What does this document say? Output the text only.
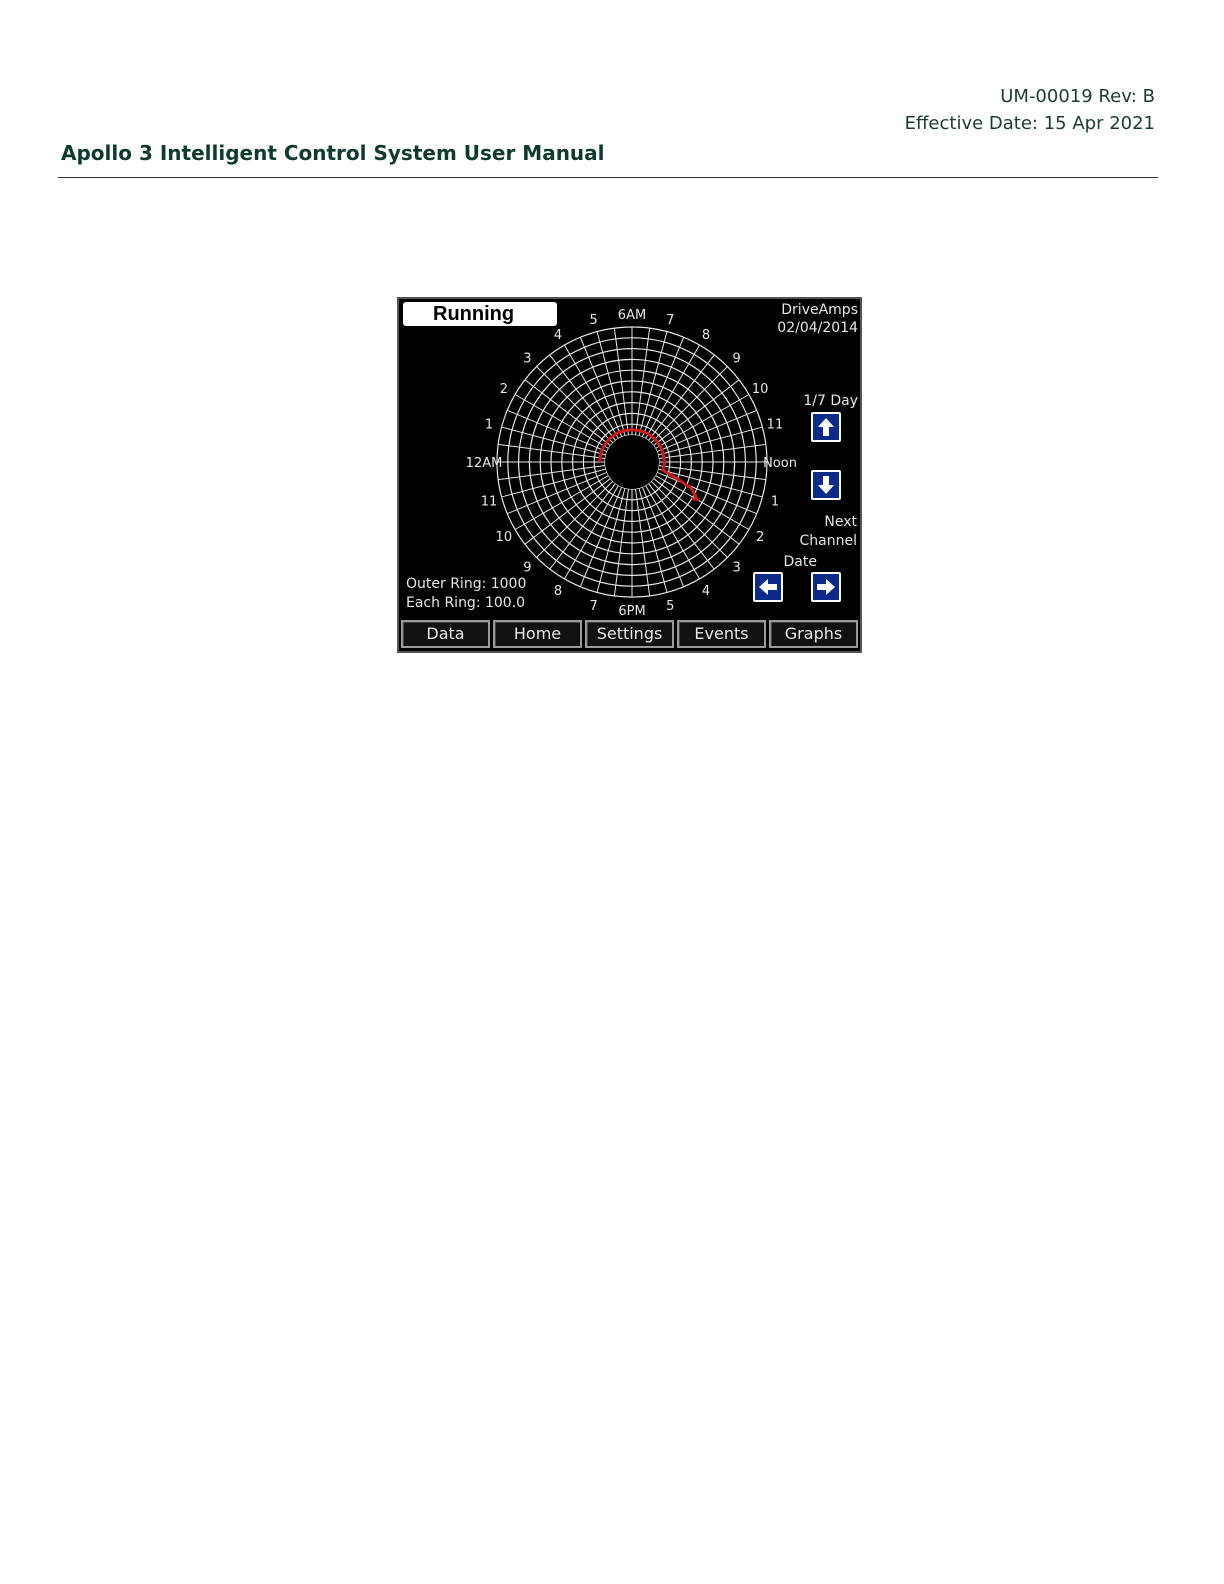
UM-00019 Rev: B
Effective Date: 15 Apr 2021
Apollo 3 Intelligent Control System User Manual
12AM
1
2
3
4
5 6AM 7
8
9
10
11
Noon
1
2
3
4
5
6PM
7
8
9
10
11
Running	DriveAmps
02/04/2014
1/7 Day
Next
Channel
Date
Outer Ring: 1000
Each Ring: 100.0
Data	Home	Settings	Events	Graphs
